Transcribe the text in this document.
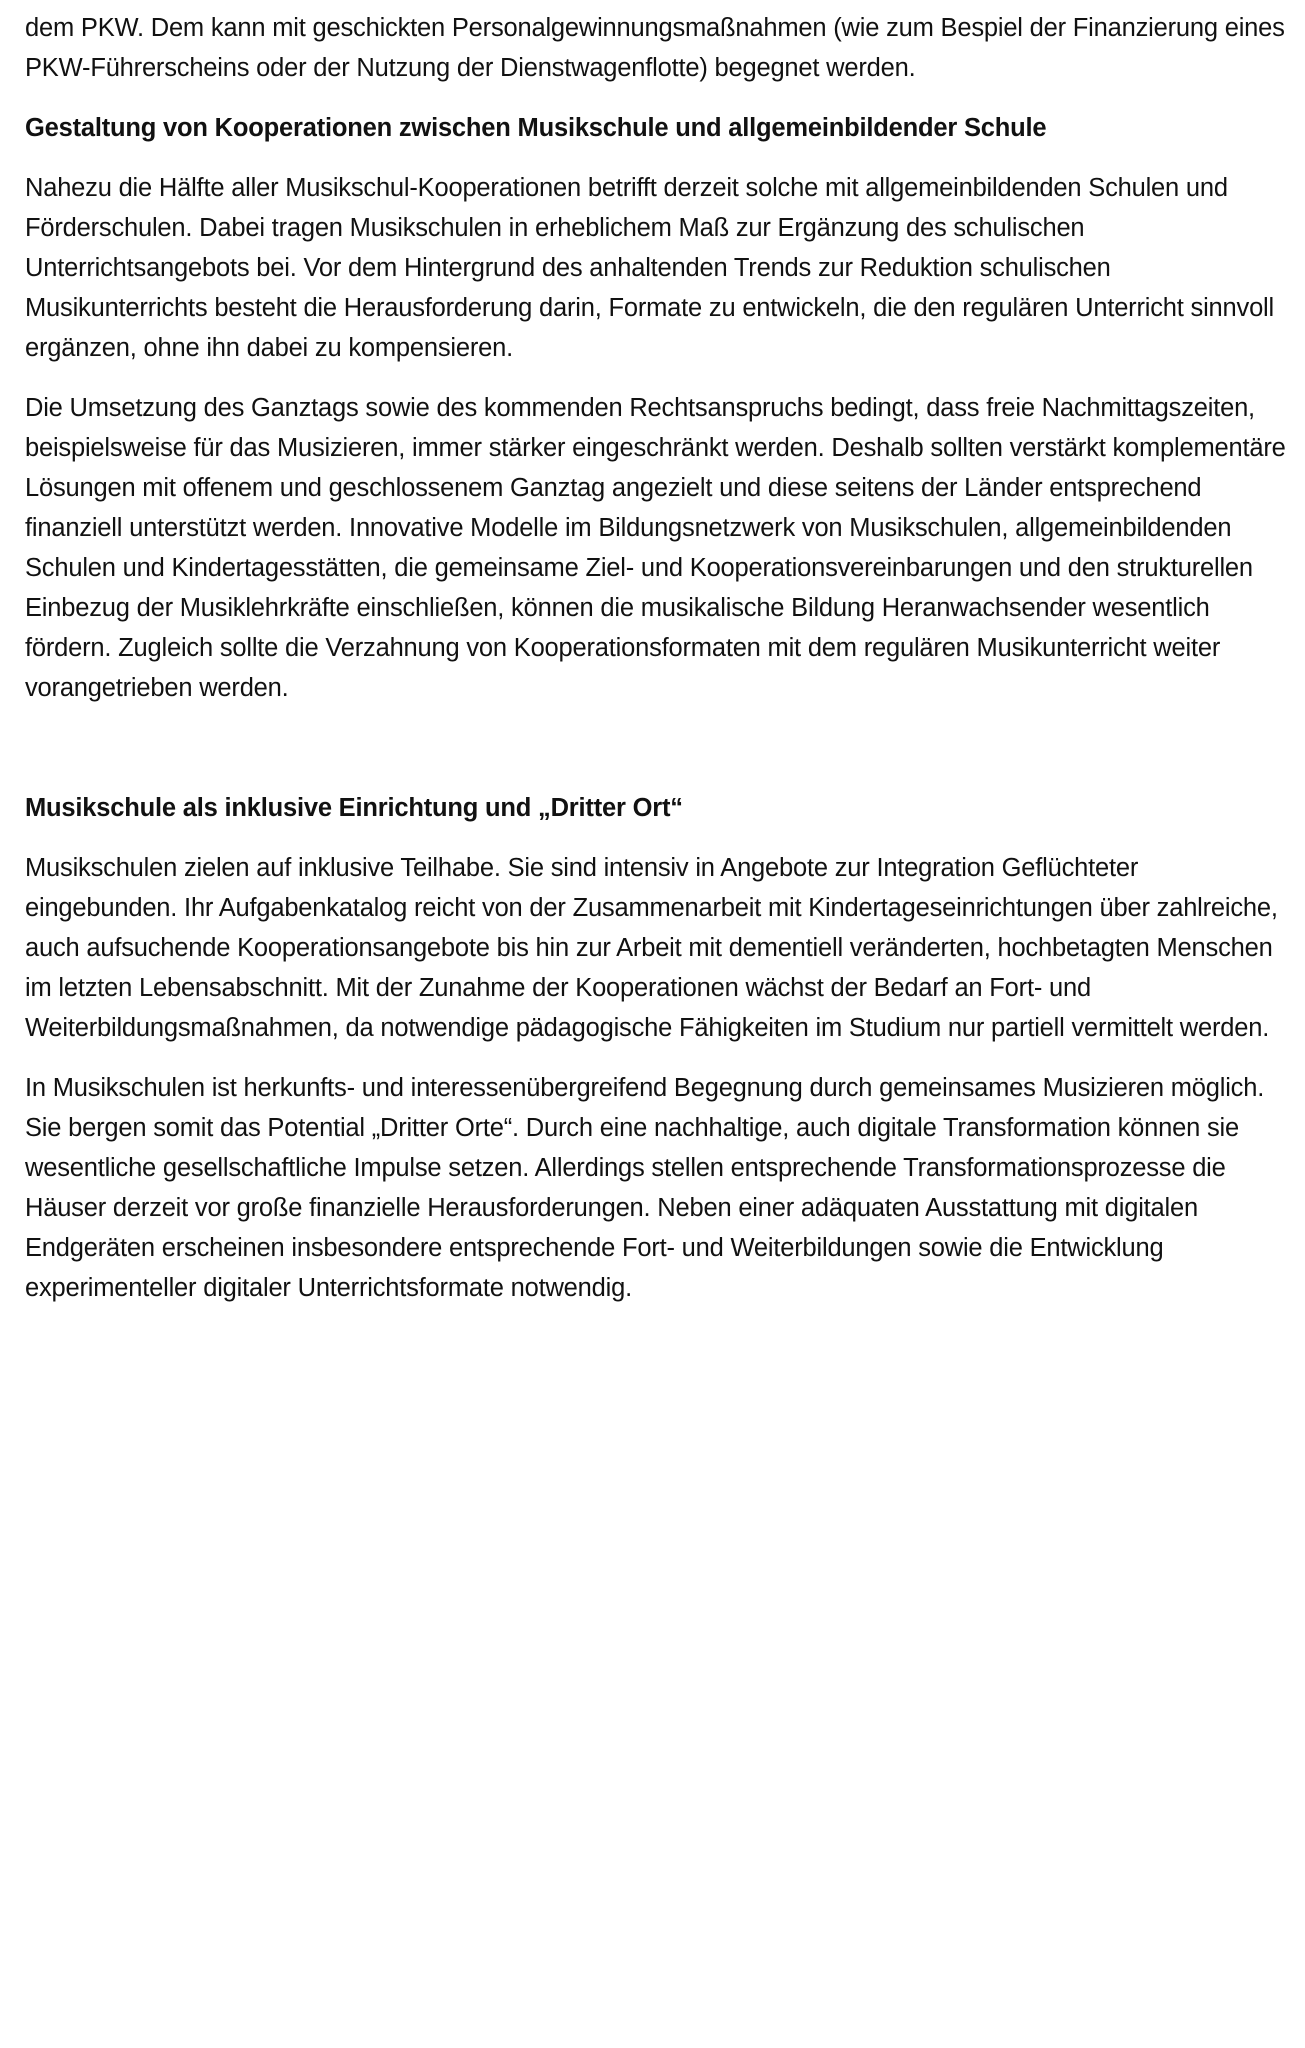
dem PKW. Dem kann mit geschickten Personalgewinnungsmaßnahmen (wie zum Bespiel der Finanzierung eines PKW-Führerscheins oder der Nutzung der Dienstwagenflotte) begegnet werden.

Gestaltung von Kooperationen zwischen Musikschule und allgemeinbildender Schule

Nahezu die Hälfte aller Musikschul-Kooperationen betrifft derzeit solche mit allgemeinbildenden Schulen und Förderschulen. Dabei tragen Musikschulen in erheblichem Maß zur Ergänzung des schulischen Unterrichtsangebots bei. Vor dem Hintergrund des anhaltenden Trends zur Reduktion schulischen Musikunterrichts besteht die Herausforderung darin, Formate zu entwickeln, die den regulären Unterricht sinnvoll ergänzen, ohne ihn dabei zu kompensieren.

Die Umsetzung des Ganztags sowie des kommenden Rechtsanspruchs bedingt, dass freie Nachmittagszeiten, beispielsweise für das Musizieren, immer stärker eingeschränkt werden. Deshalb sollten verstärkt komplementäre Lösungen mit offenem und geschlossenem Ganztag angezielt und diese seitens der Länder entsprechend finanziell unterstützt werden. Innovative Modelle im Bildungsnetzwerk von Musikschulen, allgemeinbildenden Schulen und Kindertagesstätten, die gemeinsame Ziel- und Kooperationsvereinbarungen und den strukturellen Einbezug der Musiklehrkräfte einschließen, können die musikalische Bildung Heranwachsender wesentlich fördern. Zugleich sollte die Verzahnung von Kooperationsformaten mit dem regulären Musikunterricht weiter vorangetrieben werden.

Musikschule als inklusive Einrichtung und „Dritter Ort“

Musikschulen zielen auf inklusive Teilhabe. Sie sind intensiv in Angebote zur Integration Geflüchteter eingebunden. Ihr Aufgabenkatalog reicht von der Zusammenarbeit mit Kindertageseinrichtungen über zahlreiche, auch aufsuchende Kooperationsangebote bis hin zur Arbeit mit dementiell veränderten, hochbetagten Menschen im letzten Lebensabschnitt. Mit der Zunahme der Kooperationen wächst der Bedarf an Fort- und Weiterbildungsmaßnahmen, da notwendige pädagogische Fähigkeiten im Studium nur partiell vermittelt werden.

In Musikschulen ist herkunfts- und interessenübergreifend Begegnung durch gemeinsames Musizieren möglich. Sie bergen somit das Potential „Dritter Orte“. Durch eine nachhaltige, auch digitale Transformation können sie wesentliche gesellschaftliche Impulse setzen. Allerdings stellen entsprechende Transformationsprozesse die Häuser derzeit vor große finanzielle Herausforderungen. Neben einer adäquaten Ausstattung mit digitalen Endgeräten erscheinen insbesondere entsprechende Fort- und Weiterbildungen sowie die Entwicklung experimenteller digitaler Unterrichtsformate notwendig.
